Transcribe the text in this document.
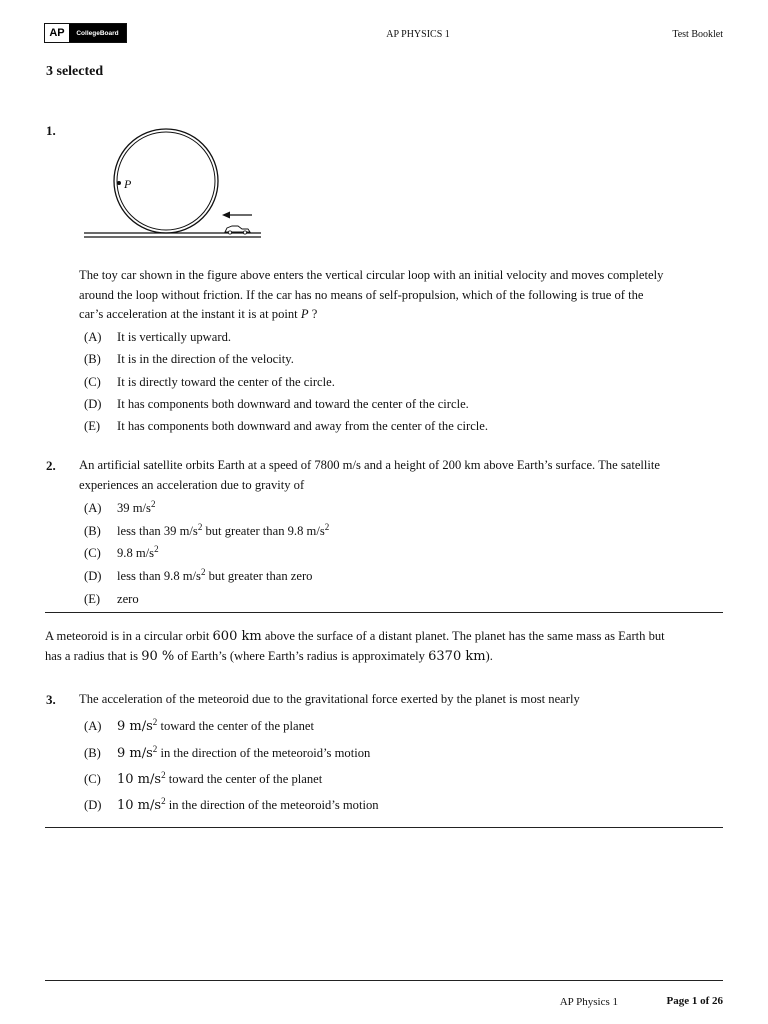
AP	CollegeBoard	AP PHYSICS 1	Test Booklet
3 selected
1.
P
The toy car shown in the figure above enters the vertical circular loop with an initial velocity and moves completely
around the loop without friction. If the car has no means of self-propulsion, which of the following is true of the
car’s acceleration at the instant it is at point P ?
(A) It is vertically upward.
(B) It is in the direction of the velocity.
(C) It is directly toward the center of the circle.
(D) It has components both downward and toward the center of the circle.
(E) It has components both downward and away from the center of the circle.
2. An artificial satellite orbits Earth at a speed of 7800 m/s and a height of 200 km above Earth’s surface. The satellite
experiences an acceleration due to gravity of
(A) 39 $m/s^2$
(B) less than 39 $m/s^2$ but greater than 9.8 $m/s^2$
(C) 9.8 $m/s^2$
(D) less than 9.8 $m/s^2$ but greater than zero
(E) zero
A meteoroid is in a circular orbit 600 km above the surface of a distant planet. The planet has the same mass as Earth but
has a radius that is 90 % of Earth’s (where Earth’s radius is approximately 6370 km).
3. The acceleration of the meteoroid due to the gravitational force exerted by the planet is most nearly
(A) 9 $m/s^2$ toward the center of the planet
(B) 9 $m/s^2$ in the direction of the meteoroid’s motion
(C) 10 $m/s^2$ toward the center of the planet
(D) 10 $m/s^2$ in the direction of the meteoroid’s motion
AP Physics 1	Page 1 of 26
